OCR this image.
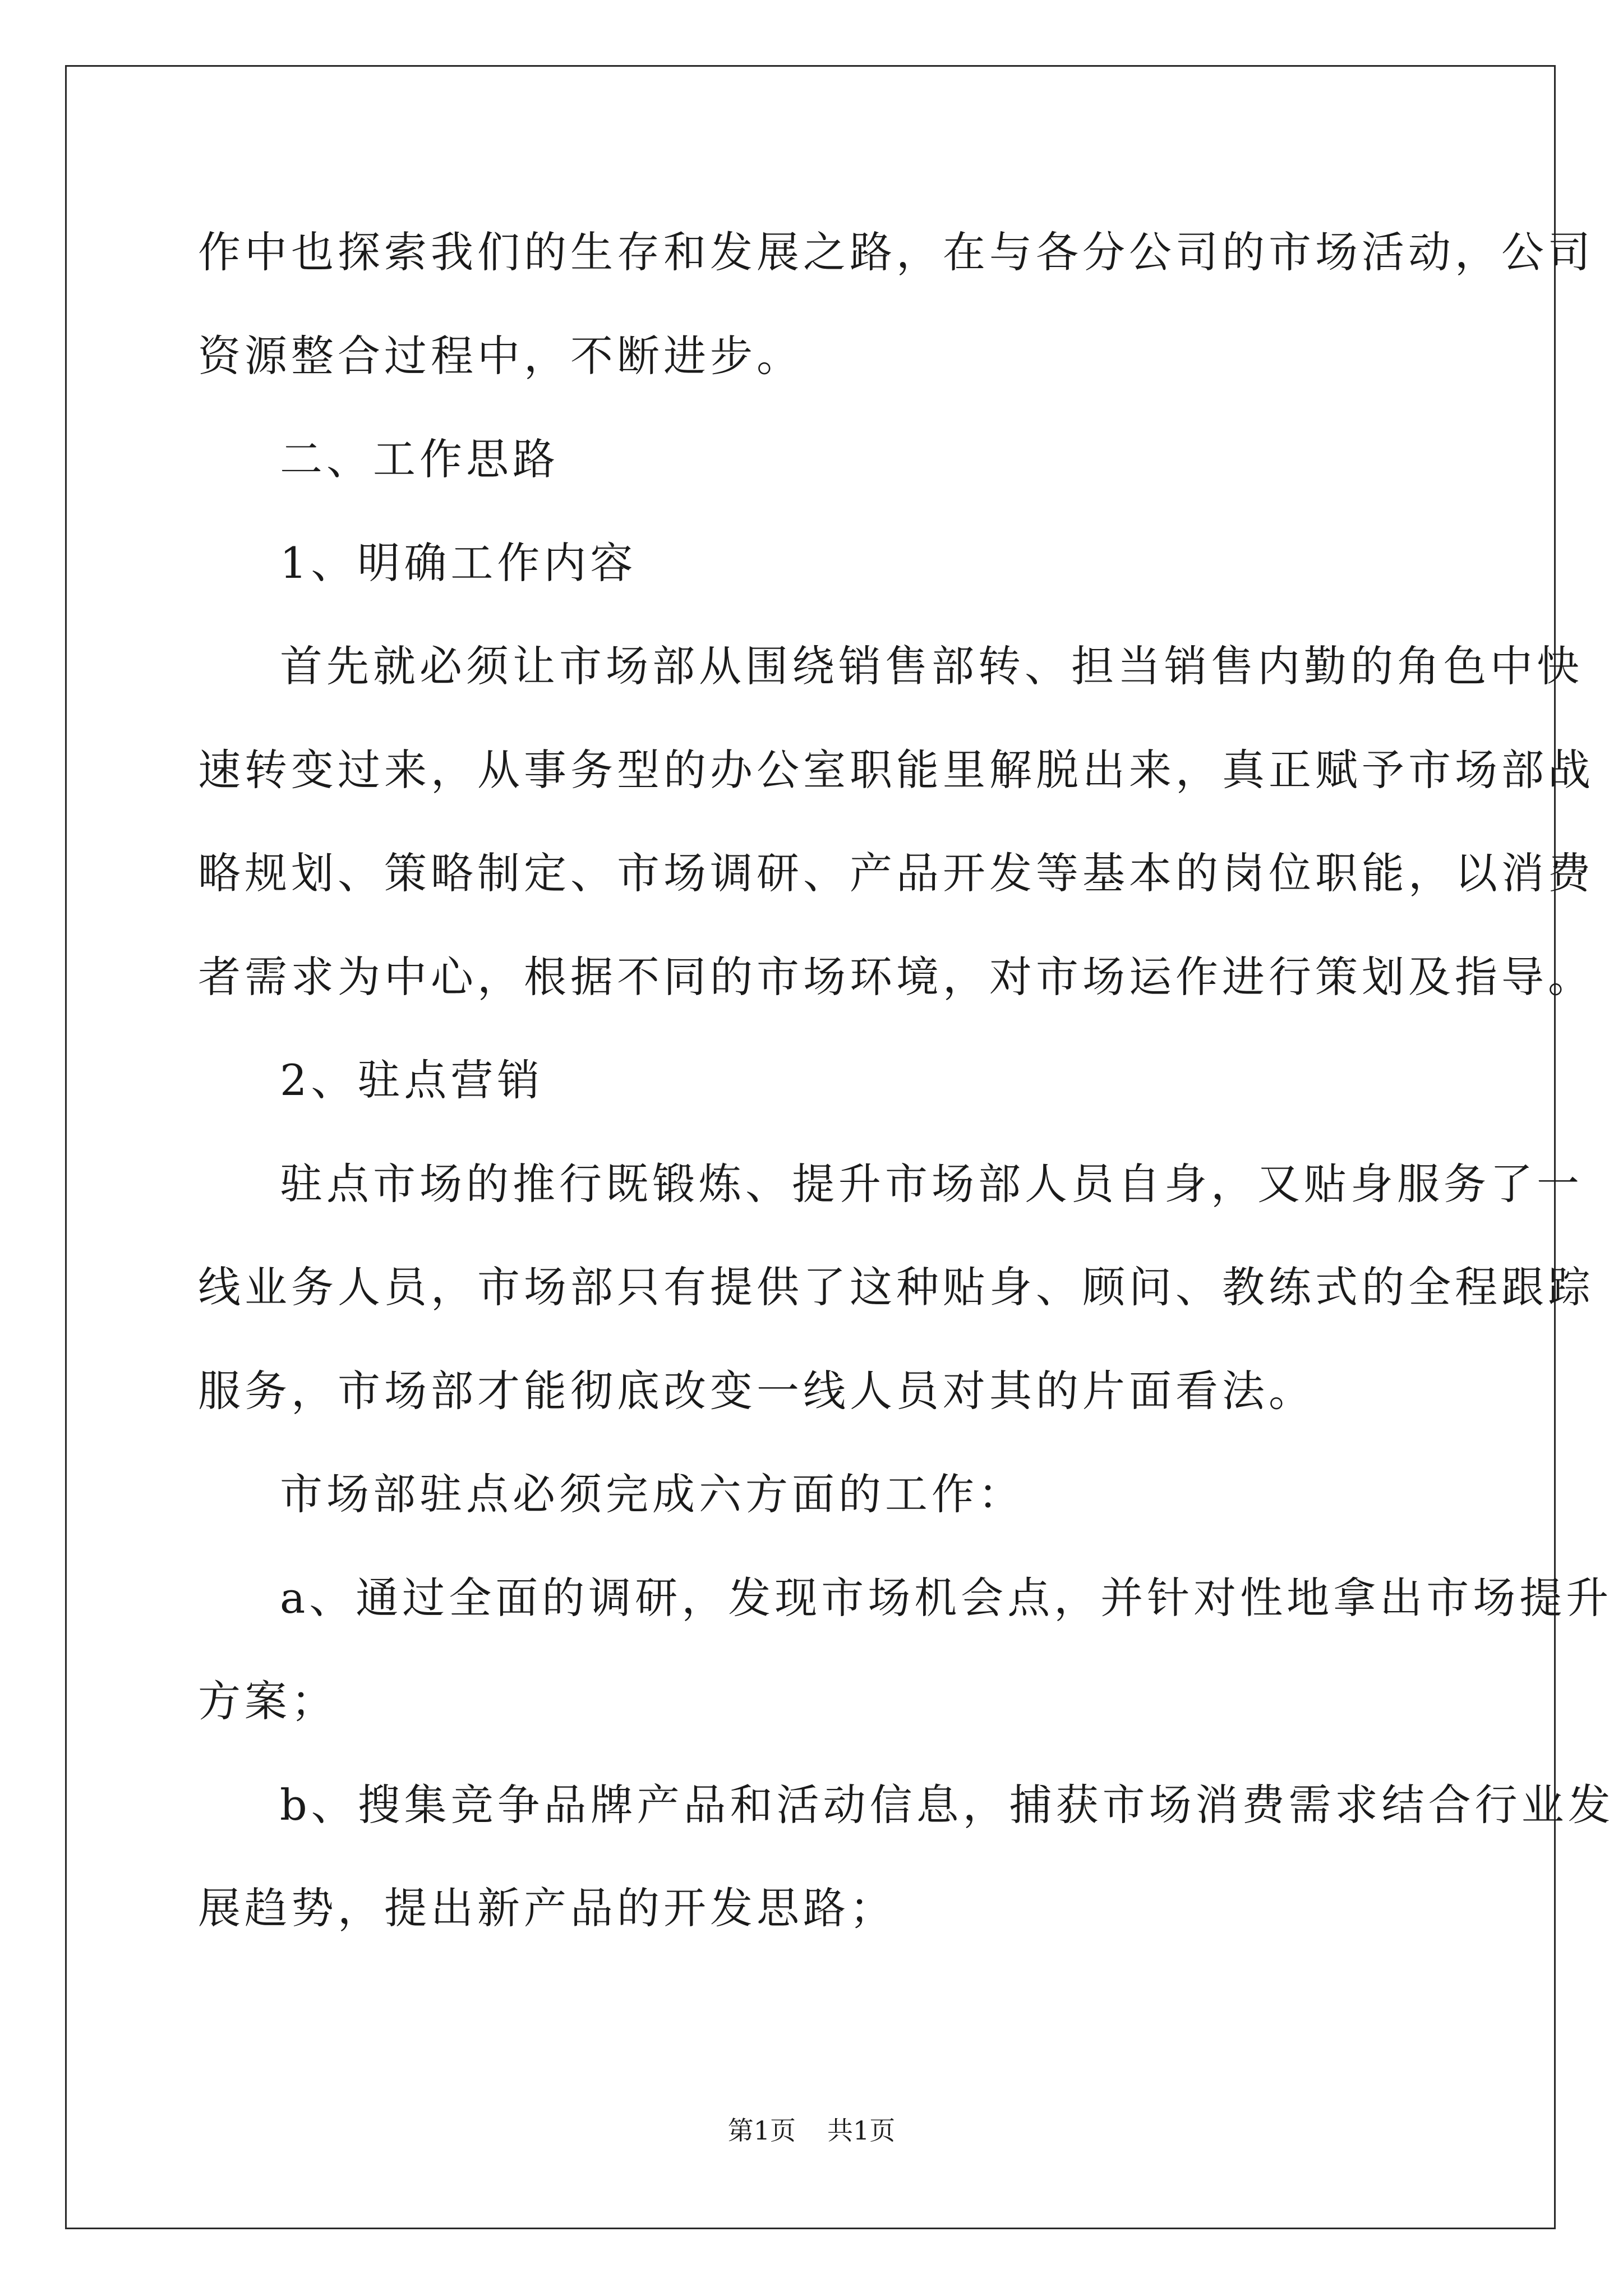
作中也探索我们的生存和发展之路，在与各分公司的市场活动，公司
资源整合过程中，不断进步。
二、工作思路
1、明确工作内容
首先就必须让市场部从围绕销售部转、担当销售内勤的角色中快
速转变过来，从事务型的办公室职能里解脱出来，真正赋予市场部战
略规划、策略制定、市场调研、产品开发等基本的岗位职能，以消费
者需求为中心，根据不同的市场环境，对市场运作进行策划及指导。
2、驻点营销
驻点市场的推行既锻炼、提升市场部人员自身，又贴身服务了一
线业务人员，市场部只有提供了这种贴身、顾问、教练式的全程跟踪
服务，市场部才能彻底改变一线人员对其的片面看法。
市场部驻点必须完成六方面的工作：
a、通过全面的调研，发现市场机会点，并针对性地拿出市场提升
方案；
b、搜集竞争品牌产品和活动信息，捕获市场消费需求结合行业发
展趋势，提出新产品的开发思路；
第1页 共1页
